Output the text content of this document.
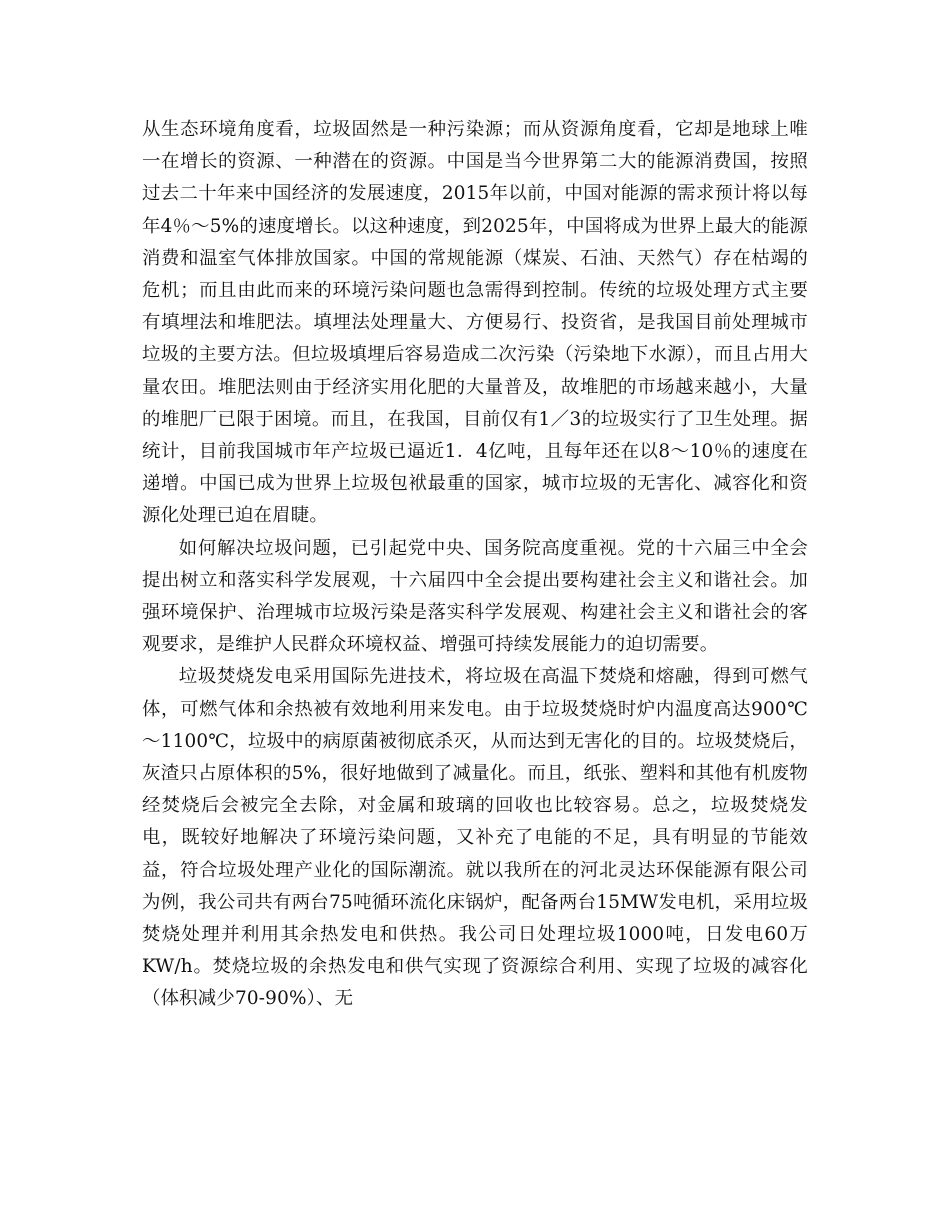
从生态环境角度看，垃圾固然是一种污染源；而从资源角度看，它却是地球上唯一在增长的资源、一种潜在的资源。中国是当今世界第二大的能源消费国，按照过去二十年来中国经济的发展速度，2015年以前，中国对能源的需求预计将以每年4％～5%的速度增长。以这种速度，到2025年，中国将成为世界上最大的能源消费和温室气体排放国家。中国的常规能源（煤炭、石油、天然气）存在枯竭的危机；而且由此而来的环境污染问题也急需得到控制。传统的垃圾处理方式主要有填埋法和堆肥法。填埋法处理量大、方便易行、投资省，是我国目前处理城市垃圾的主要方法。但垃圾填埋后容易造成二次污染（污染地下水源），而且占用大量农田。堆肥法则由于经济实用化肥的大量普及，故堆肥的市场越来越小，大量的堆肥厂已限于困境。而且，在我国，目前仅有1／3的垃圾实行了卫生处理。据统计，目前我国城市年产垃圾已逼近1．4亿吨，且每年还在以8～10％的速度在递增。中国已成为世界上垃圾包袱最重的国家，城市垃圾的无害化、减容化和资源化处理已迫在眉睫。

如何解决垃圾问题，已引起党中央、国务院高度重视。党的十六届三中全会提出树立和落实科学发展观，十六届四中全会提出要构建社会主义和谐社会。加强环境保护、治理城市垃圾污染是落实科学发展观、构建社会主义和谐社会的客观要求，是维护人民群众环境权益、增强可持续发展能力的迫切需要。

垃圾焚烧发电采用国际先进技术，将垃圾在高温下焚烧和熔融，得到可燃气体，可燃气体和余热被有效地利用来发电。由于垃圾焚烧时炉内温度高达900℃～1100℃，垃圾中的病原菌被彻底杀灭，从而达到无害化的目的。垃圾焚烧后，灰渣只占原体积的5%，很好地做到了减量化。而且，纸张、塑料和其他有机废物经焚烧后会被完全去除，对金属和玻璃的回收也比较容易。总之，垃圾焚烧发电，既较好地解决了环境污染问题，又补充了电能的不足，具有明显的节能效益，符合垃圾处理产业化的国际潮流。就以我所在的河北灵达环保能源有限公司为例，我公司共有两台75吨循环流化床锅炉，配备两台15MW发电机，采用垃圾焚烧处理并利用其余热发电和供热。我公司日处理垃圾1000吨，日发电60万KW/h。焚烧垃圾的余热发电和供气实现了资源综合利用、实现了垃圾的减容化（体积减少70-90%）、无
